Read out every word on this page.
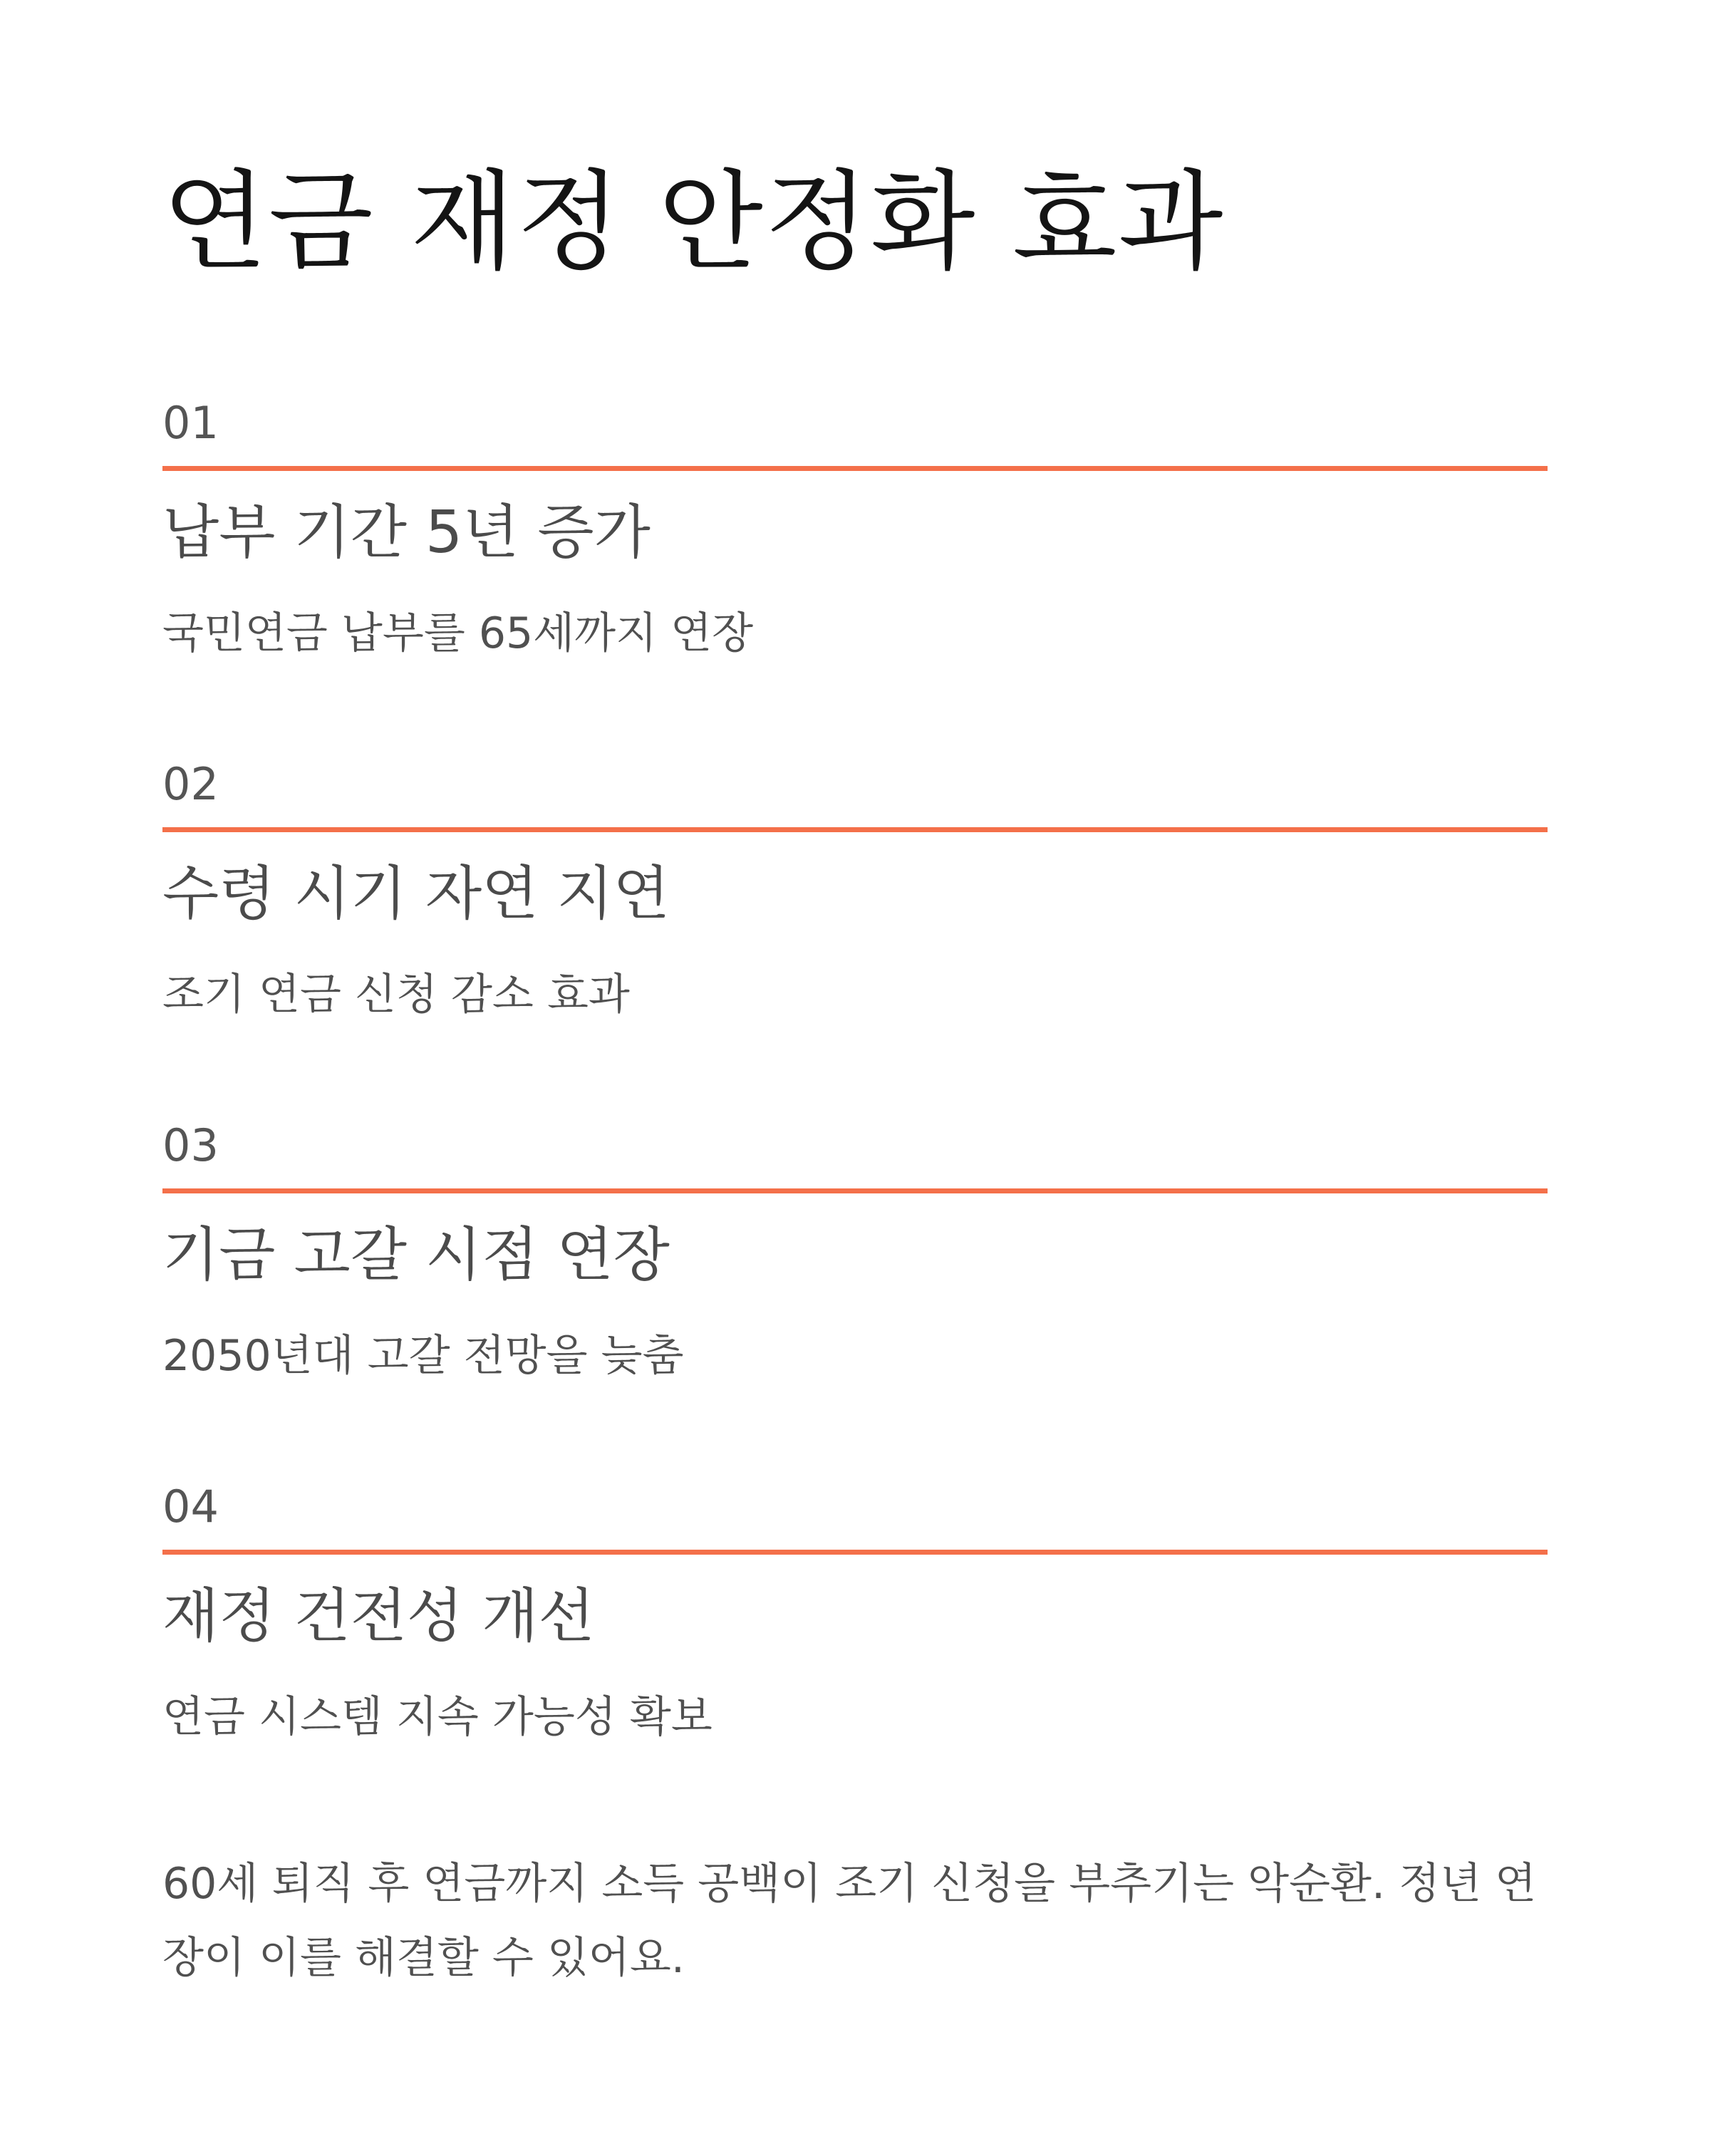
연금 재정 안정화 효과
01
납부 기간 5년 증가
국민연금 납부를 65세까지 연장
02
수령 시기 자연 지연
조기 연금 신청 감소 효과
03
기금 고갈 시점 연장
2050년대 고갈 전망을 늦춤
04
재정 건전성 개선
연금 시스템 지속 가능성 확보

60세 퇴직 후 연금까지 소득 공백이 조기 신청을 부추기는 악순환. 정년 연장이 이를 해결할 수 있어요.
